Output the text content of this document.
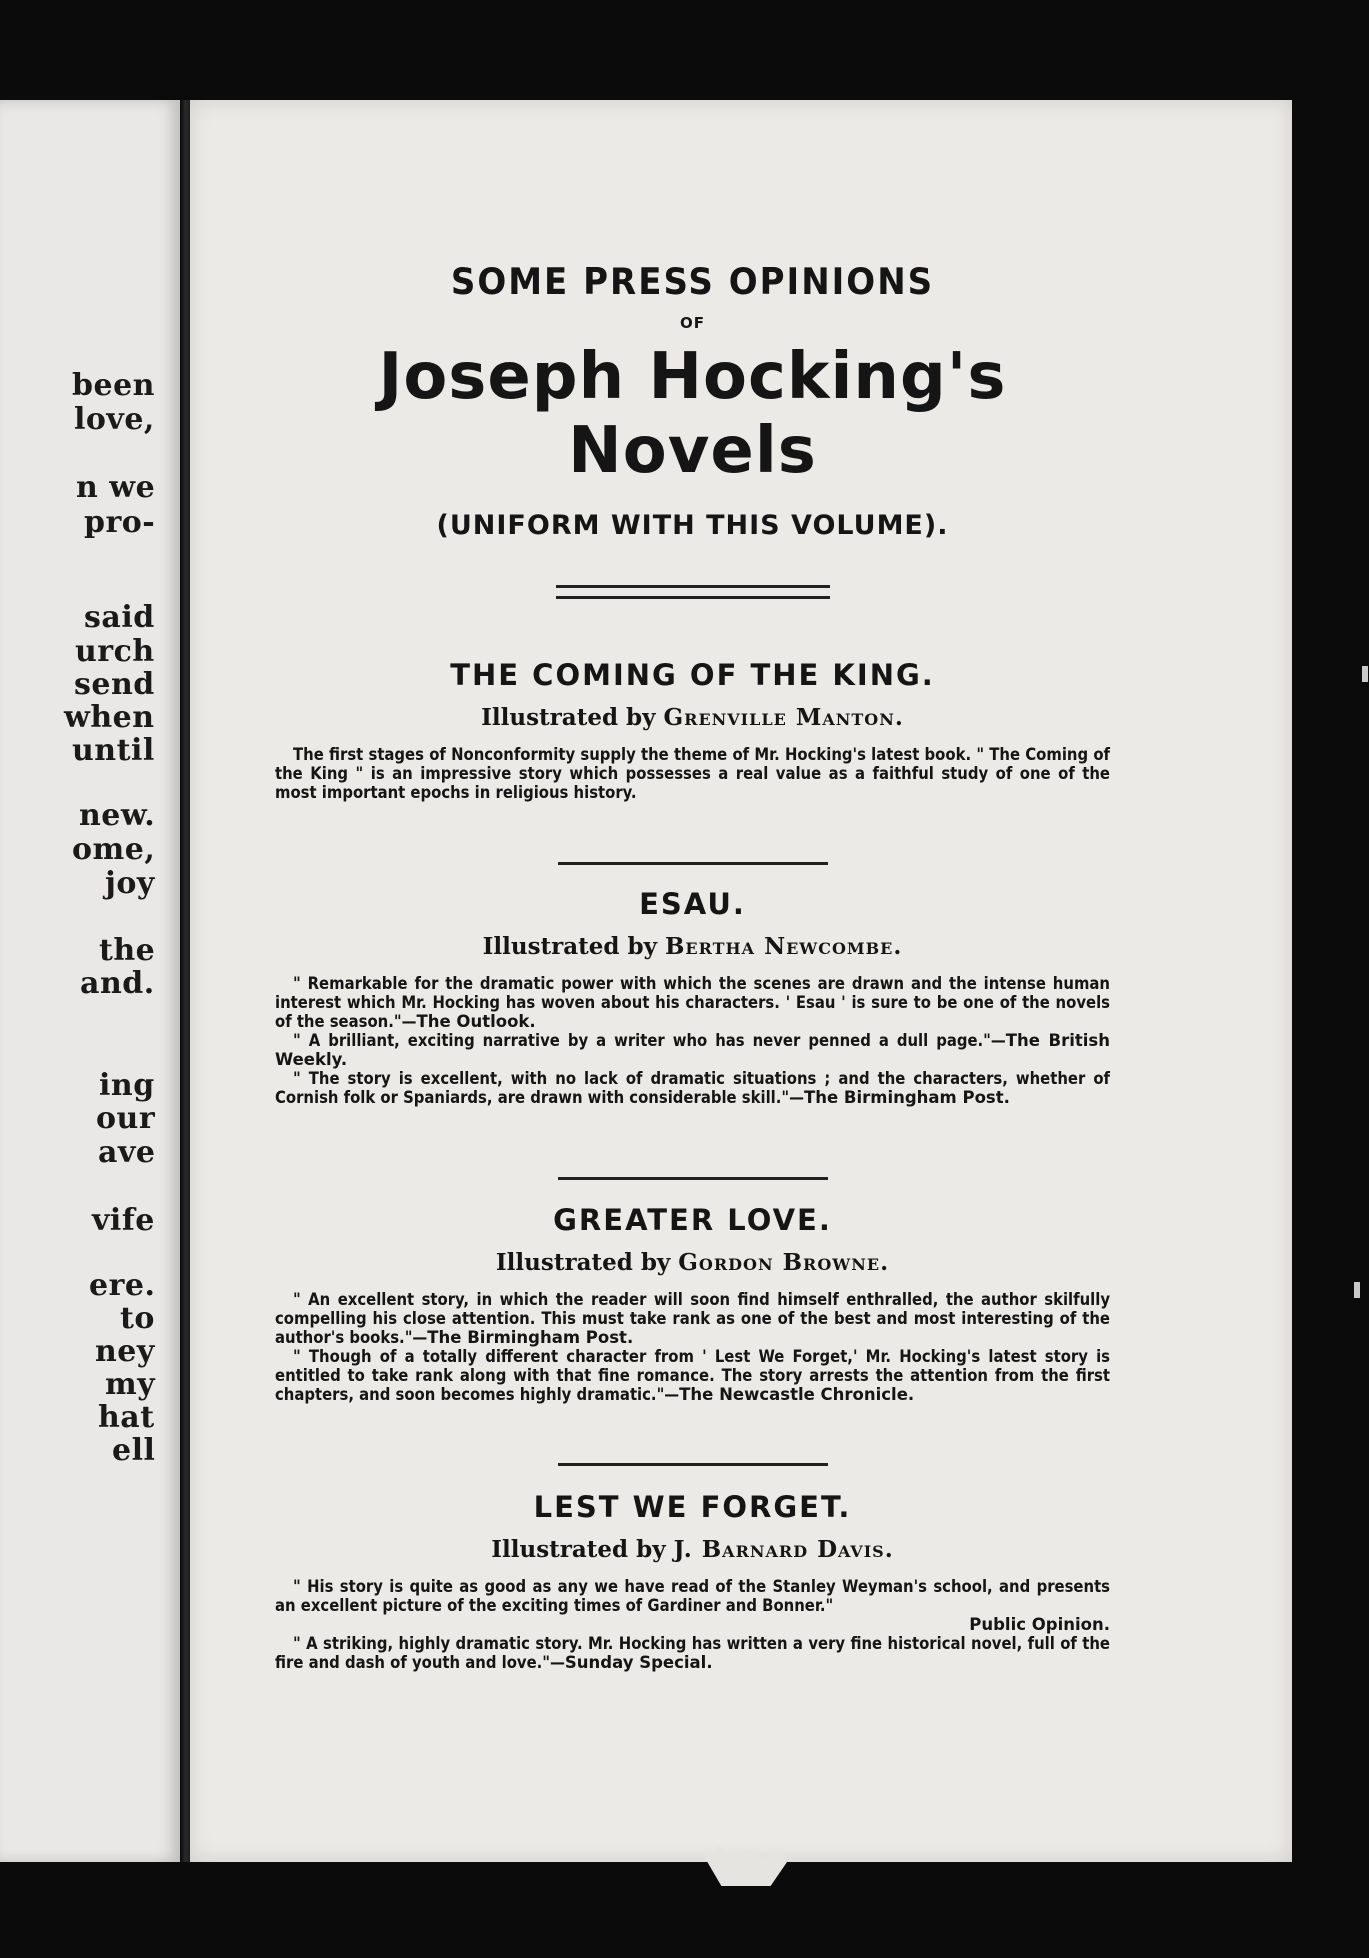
been
love,
n we
pro-
said
urch
send
when
until
new.
ome,
joy
the
and.
ing
our
ave
vife
ere.
to
ney
my
hat
ell
SOME PRESS OPINIONS

OF

Joseph Hocking's Novels

(UNIFORM WITH THIS VOLUME).

THE COMING OF THE KING.

Illustrated by Grenville Manton.

The first stages of Nonconformity supply the theme of Mr. Hocking's latest book. " The Coming of the King " is an impressive story which possesses a real value as a faithful study of one of the most important epochs in religious history.

ESAU.

Illustrated by Bertha Newcombe.

" Remarkable for the dramatic power with which the scenes are drawn and the intense human interest which Mr. Hocking has woven about his characters. ' Esau ' is sure to be one of the novels of the season."—The Outlook.

" A brilliant, exciting narrative by a writer who has never penned a dull page."—The British Weekly.

" The story is excellent, with no lack of dramatic situations ; and the characters, whether of Cornish folk or Spaniards, are drawn with considerable skill."—The Birmingham Post.

GREATER LOVE.

Illustrated by Gordon Browne.

" An excellent story, in which the reader will soon find himself enthralled, the author skilfully compelling his close attention. This must take rank as one of the best and most interesting of the author's books."—The Birmingham Post.

" Though of a totally different character from ' Lest We Forget,' Mr. Hocking's latest story is entitled to take rank along with that fine romance. The story arrests the attention from the first chapters, and soon becomes highly dramatic."—The Newcastle Chronicle.

LEST WE FORGET.

Illustrated by J. Barnard Davis.

" His story is quite as good as any we have read of the Stanley Weyman's school, and presents an excellent picture of the exciting times of Gardiner and Bonner."
Public Opinion.

" A striking, highly dramatic story. Mr. Hocking has written a very fine historical novel, full of the fire and dash of youth and love."—Sunday Special.
